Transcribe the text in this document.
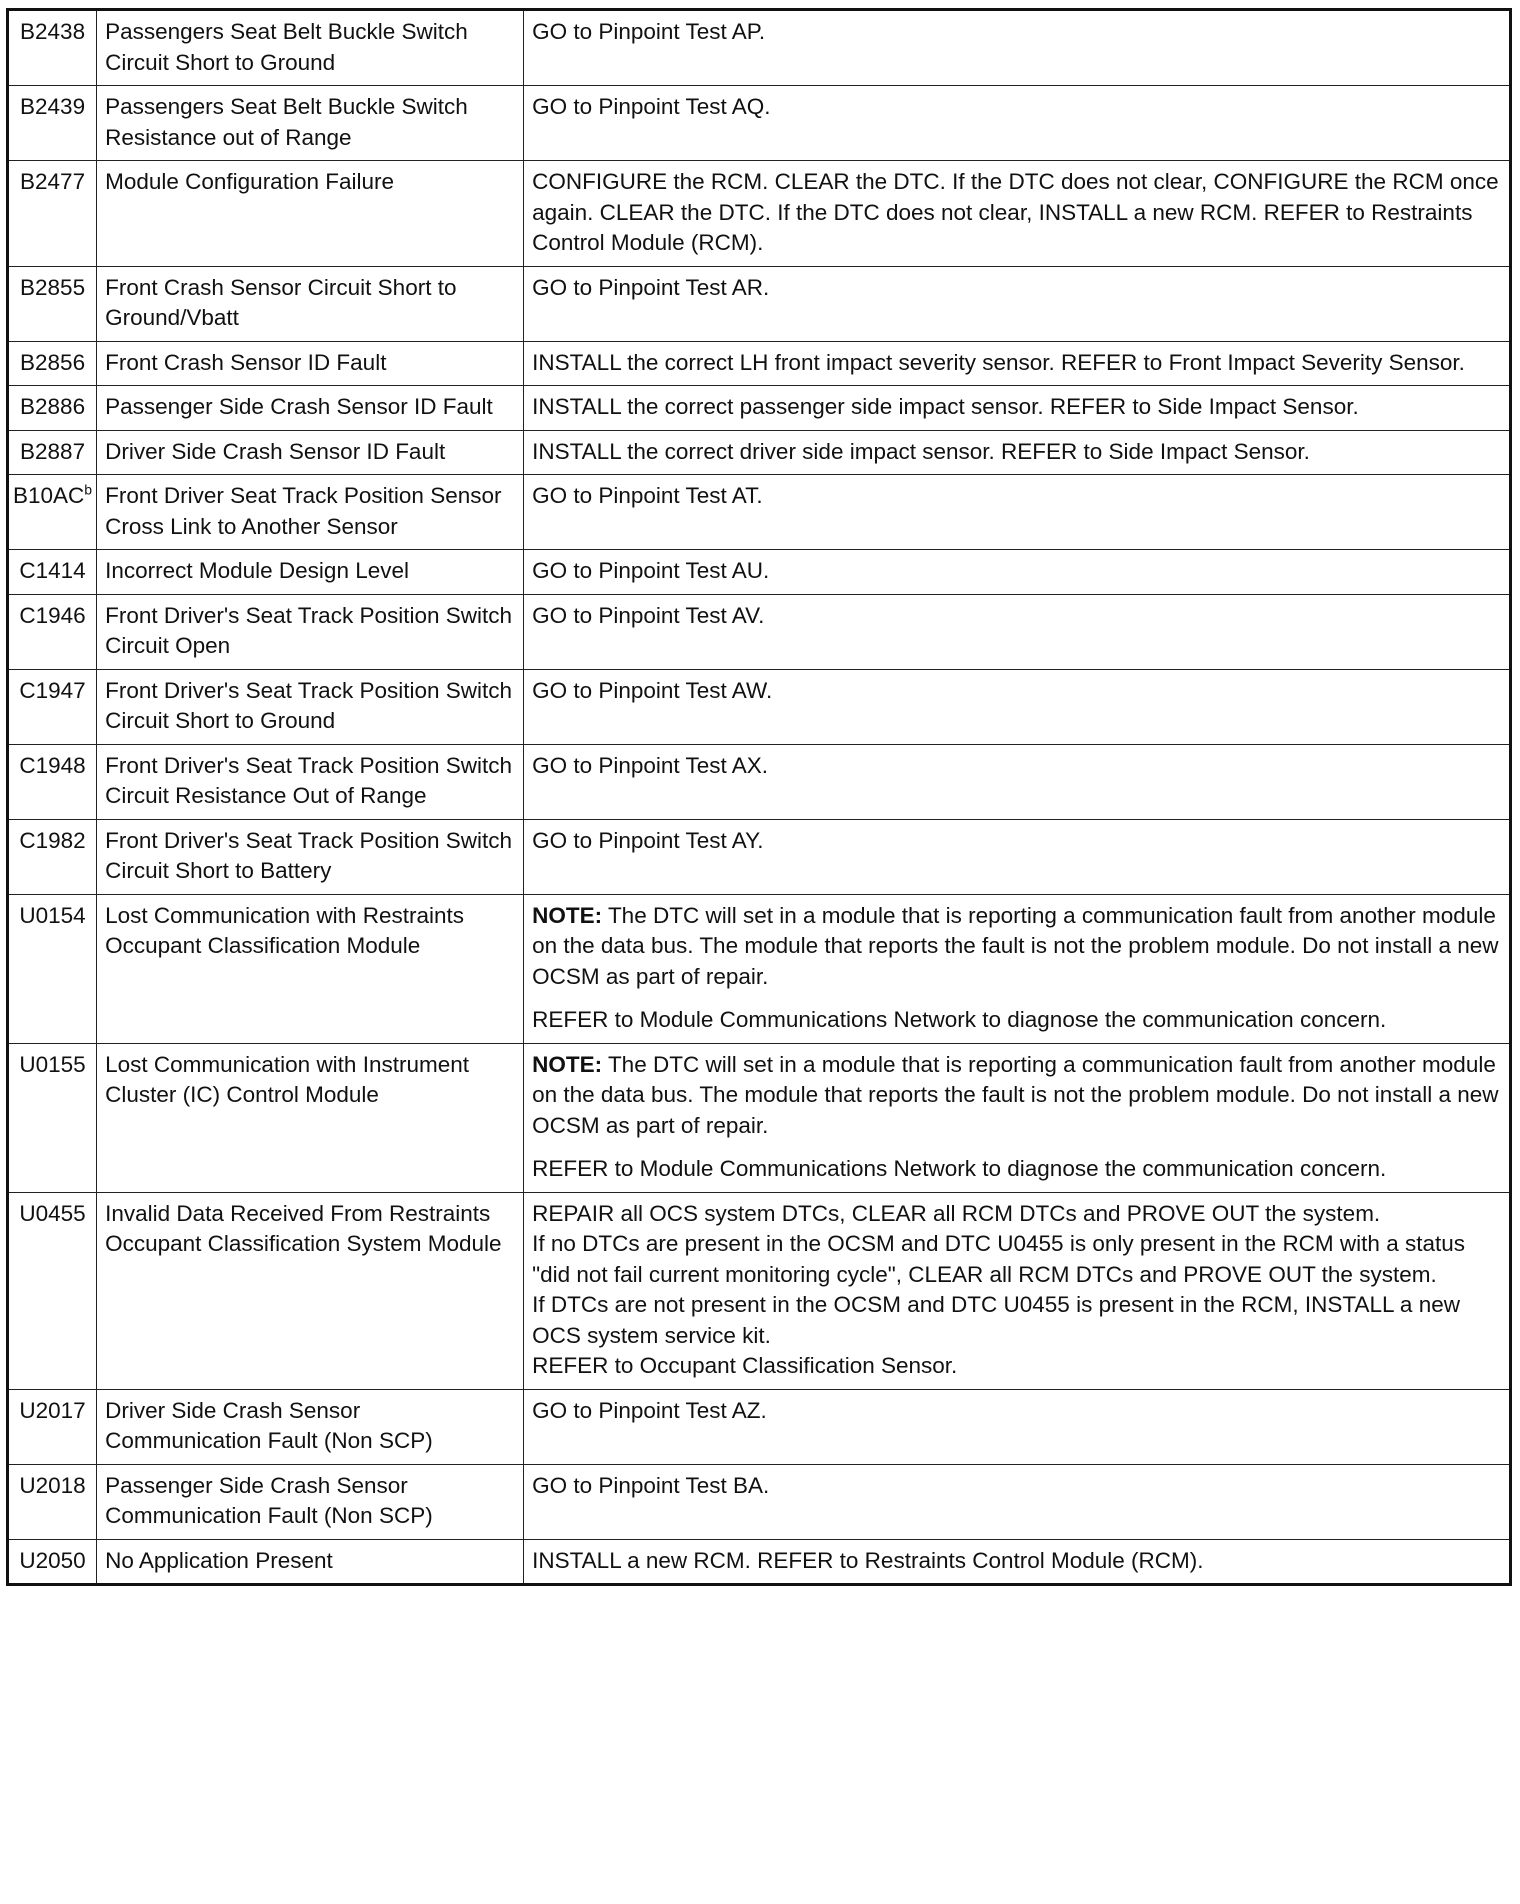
B2438	Passengers Seat Belt Buckle Switch Circuit Short to Ground	GO to Pinpoint Test AP.

B2439	Passengers Seat Belt Buckle Switch Resistance out of Range	GO to Pinpoint Test AQ.

B2477	Module Configuration Failure	CONFIGURE the RCM. CLEAR the DTC. If the DTC does not clear, CONFIGURE the RCM once again. CLEAR the DTC. If the DTC does not clear, INSTALL a new RCM. REFER to Restraints Control Module (RCM).

B2855	Front Crash Sensor Circuit Short to Ground/Vbatt	GO to Pinpoint Test AR.

B2856	Front Crash Sensor ID Fault	INSTALL the correct LH front impact severity sensor. REFER to Front Impact Severity Sensor.

B2886	Passenger Side Crash Sensor ID Fault	INSTALL the correct passenger side impact sensor. REFER to Side Impact Sensor.

B2887	Driver Side Crash Sensor ID Fault	INSTALL the correct driver side impact sensor. REFER to Side Impact Sensor.

$B10AC^b$	Front Driver Seat Track Position Sensor Cross Link to Another Sensor	GO to Pinpoint Test AT.

C1414	Incorrect Module Design Level	GO to Pinpoint Test AU.

C1946	Front Driver's Seat Track Position Switch Circuit Open	GO to Pinpoint Test AV.

C1947	Front Driver's Seat Track Position Switch Circuit Short to Ground	GO to Pinpoint Test AW.

C1948	Front Driver's Seat Track Position Switch Circuit Resistance Out of Range	GO to Pinpoint Test AX.

C1982	Front Driver's Seat Track Position Switch Circuit Short to Battery	GO to Pinpoint Test AY.

U0154	Lost Communication with Restraints Occupant Classification Module	NOTE: The DTC will set in a module that is reporting a communication fault from another module on the data bus. The module that reports the fault is not the problem module. Do not install a new OCSM as part of repair.

REFER to Module Communications Network to diagnose the communication concern.

U0155	Lost Communication with Instrument Cluster (IC) Control Module	NOTE: The DTC will set in a module that is reporting a communication fault from another module on the data bus. The module that reports the fault is not the problem module. Do not install a new OCSM as part of repair.

REFER to Module Communications Network to diagnose the communication concern.

U0455	Invalid Data Received From Restraints Occupant Classification System Module	REPAIR all OCS system DTCs, CLEAR all RCM DTCs and PROVE OUT the system.

If no DTCs are present in the OCSM and DTC U0455 is only present in the RCM with a status "did not fail current monitoring cycle", CLEAR all RCM DTCs and PROVE OUT the system.

If DTCs are not present in the OCSM and DTC U0455 is present in the RCM, INSTALL a new OCS system service kit.

REFER to Occupant Classification Sensor.

U2017	Driver Side Crash Sensor Communication Fault (Non SCP)	GO to Pinpoint Test AZ.

U2018	Passenger Side Crash Sensor Communication Fault (Non SCP)	GO to Pinpoint Test BA.

U2050	No Application Present	INSTALL a new RCM. REFER to Restraints Control Module (RCM).
